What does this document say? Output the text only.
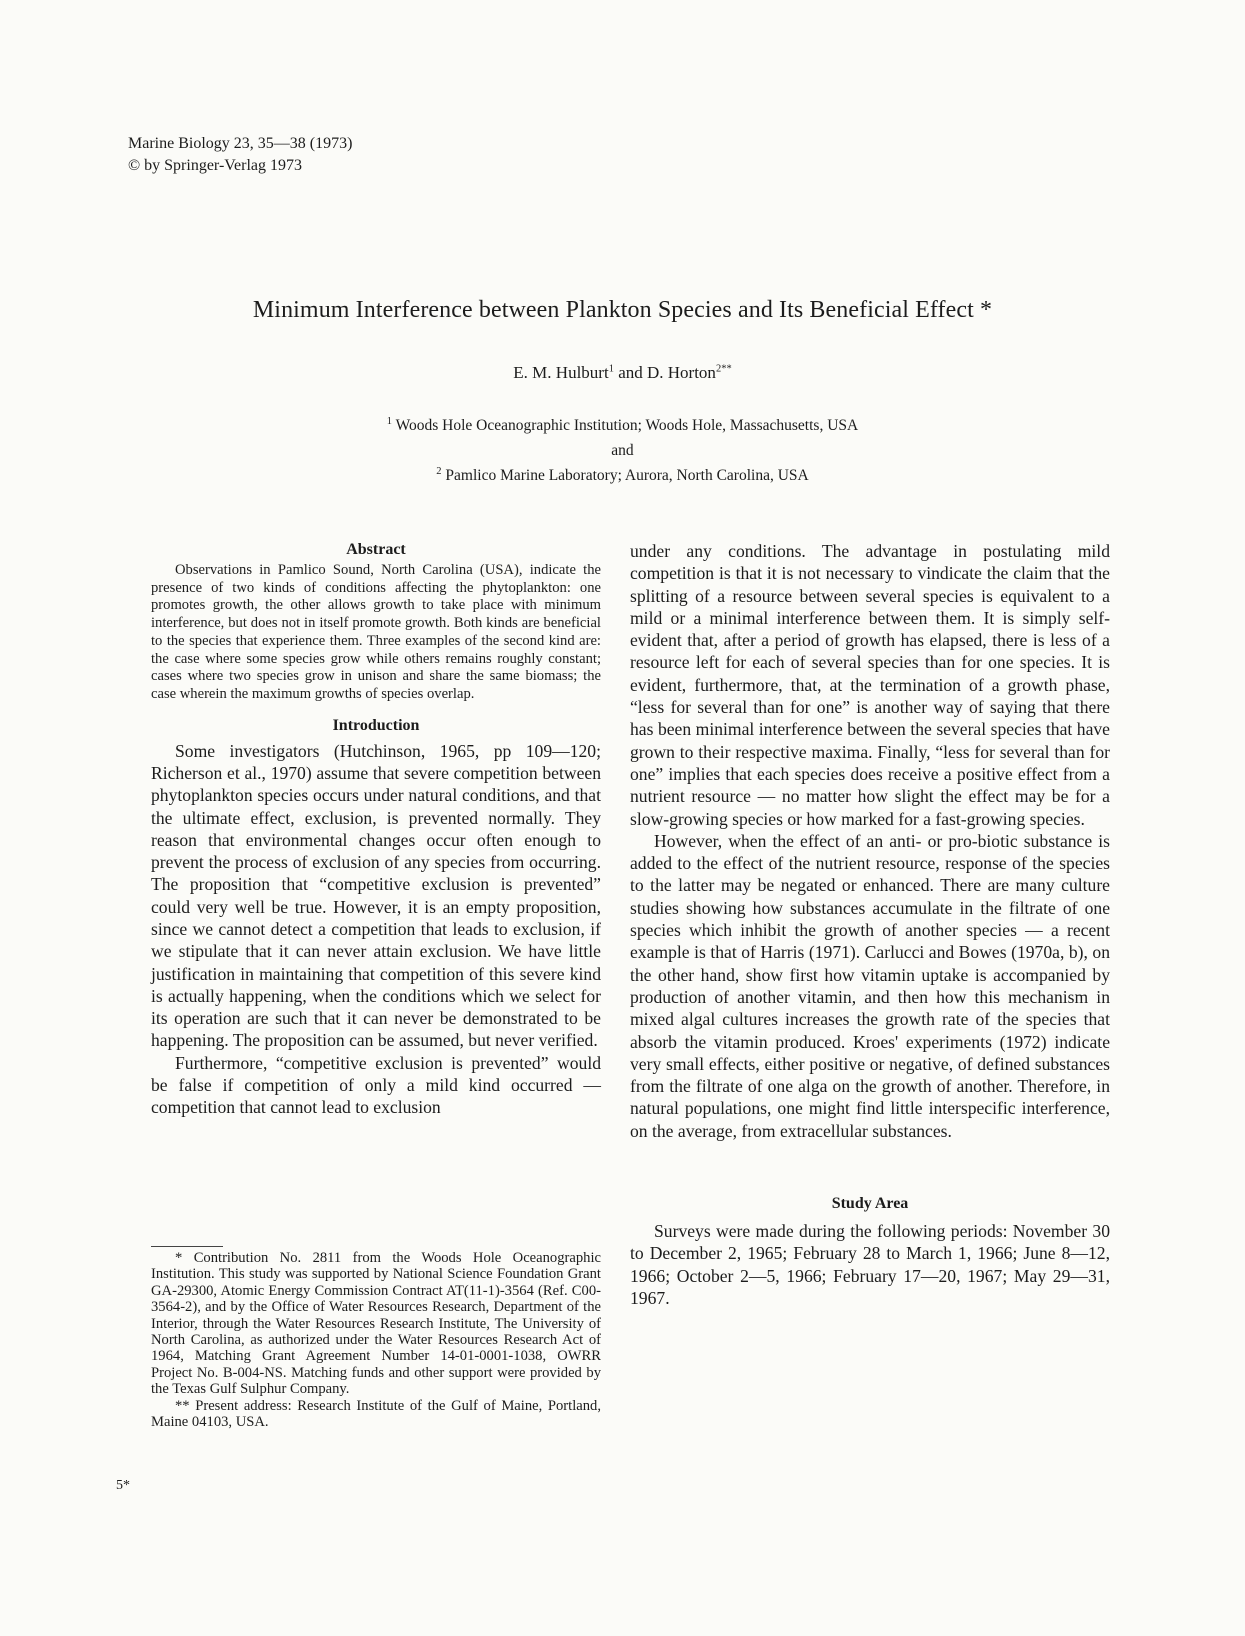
Marine Biology 23, 35—38 (1973)
© by Springer-Verlag 1973
Minimum Interference between Plankton Species and Its Beneficial Effect *
E. M. Hulburt$^1$ and D. Horton$^{2**}$
$^1$ Woods Hole Oceanographic Institution; Woods Hole, Massachusetts, USA
and
$^2$ Pamlico Marine Laboratory; Aurora, North Carolina, USA
Abstract

Observations in Pamlico Sound, North Carolina (USA), indicate the presence of two kinds of conditions affecting the phytoplankton: one promotes growth, the other allows growth to take place with minimum interference, but does not in itself promote growth. Both kinds are beneficial to the species that experience them. Three examples of the second kind are: the case where some species grow while others remains roughly constant; cases where two species grow in unison and share the same biomass; the case wherein the maximum growths of species overlap.

Introduction

Some investigators (Hutchinson, 1965, pp 109—120; Richerson et al., 1970) assume that severe competition between phytoplankton species occurs under natural conditions, and that the ultimate effect, exclusion, is prevented normally. They reason that environmental changes occur often enough to prevent the process of exclusion of any species from occurring. The proposition that “competitive exclusion is prevented” could very well be true. However, it is an empty proposition, since we cannot detect a competition that leads to exclusion, if we stipulate that it can never attain exclusion. We have little justification in maintaining that competition of this severe kind is actually happening, when the conditions which we select for its operation are such that it can never be demonstrated to be happening. The proposition can be assumed, but never verified.

Furthermore, “competitive exclusion is prevented” would be false if competition of only a mild kind occurred — competition that cannot lead to exclusion

* Contribution No. 2811 from the Woods Hole Oceanographic Institution. This study was supported by National Science Foundation Grant GA-29300, Atomic Energy Commission Contract AT(11-1)-3564 (Ref. C00-3564-2), and by the Office of Water Resources Research, Department of the Interior, through the Water Resources Research Institute, The University of North Carolina, as authorized under the Water Resources Research Act of 1964, Matching Grant Agreement Number 14-01-0001-1038, OWRR Project No. B-004-NS. Matching funds and other support were provided by the Texas Gulf Sulphur Company.

** Present address: Research Institute of the Gulf of Maine, Portland, Maine 04103, USA.

5*

under any conditions. The advantage in postulating mild competition is that it is not necessary to vindicate the claim that the splitting of a resource between several species is equivalent to a mild or a minimal interference between them. It is simply self-evident that, after a period of growth has elapsed, there is less of a resource left for each of several species than for one species. It is evident, furthermore, that, at the termination of a growth phase, “less for several than for one” is another way of saying that there has been minimal interference between the several species that have grown to their respective maxima. Finally, “less for several than for one” implies that each species does receive a positive effect from a nutrient resource — no matter how slight the effect may be for a slow-growing species or how marked for a fast-growing species.

However, when the effect of an anti- or pro-biotic substance is added to the effect of the nutrient resource, response of the species to the latter may be negated or enhanced. There are many culture studies showing how substances accumulate in the filtrate of one species which inhibit the growth of another species — a recent example is that of Harris (1971). Carlucci and Bowes (1970a, b), on the other hand, show first how vitamin uptake is accompanied by production of another vitamin, and then how this mechanism in mixed algal cultures increases the growth rate of the species that absorb the vitamin produced. Kroes' experiments (1972) indicate very small effects, either positive or negative, of defined substances from the filtrate of one alga on the growth of another. Therefore, in natural populations, one might find little interspecific interference, on the average, from extracellular substances.

Study Area

Surveys were made during the following periods: November 30 to December 2, 1965; February 28 to March 1, 1966; June 8—12, 1966; October 2—5, 1966; February 17—20, 1967; May 29—31, 1967.
